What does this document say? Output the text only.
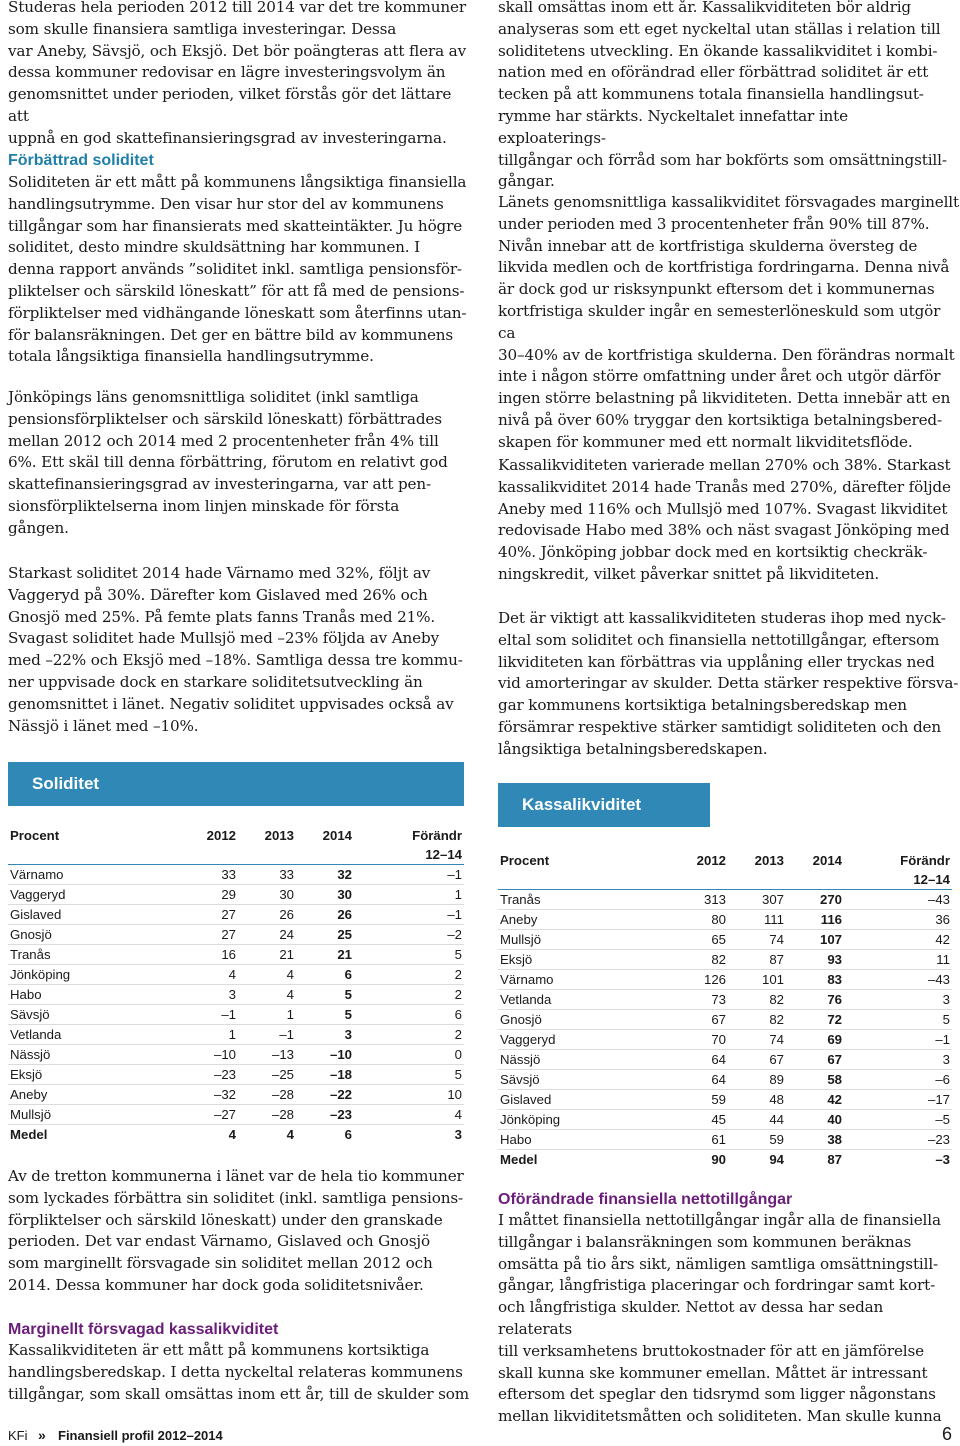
Studeras hela perioden 2012 till 2014 var det tre kommuner
som skulle finansiera samtliga investeringar. Dessa
var Aneby, Sävsjö, och Eksjö. Det bör poängteras att flera av
dessa kommuner redovisar en lägre investeringsvolym än
genomsnittet under perioden, vilket förstås gör det lättare att
uppnå en god skattefinansieringsgrad av investeringarna.

Förbättrad soliditet

Soliditeten är ett mått på kommunens långsiktiga finansiella
handlingsutrymme. Den visar hur stor del av kommunens
tillgångar som har finansierats med skatteintäkter. Ju högre
soliditet, desto mindre skuldsättning har kommunen. I
denna rapport används ”soliditet inkl. samtliga pensionsför-
pliktelser och särskild löneskatt” för att få med de pensions-
förpliktelser med vidhängande löneskatt som återfinns utan-
för balansräkningen. Det ger en bättre bild av kommunens
totala långsiktiga finansiella handlingsutrymme.

Jönköpings läns genomsnittliga soliditet (inkl samtliga
pensionsförpliktelser och särskild löneskatt) förbättrades
mellan 2012 och 2014 med 2 procentenheter från 4% till
6%. Ett skäl till denna förbättring, förutom en relativt god
skattefinansieringsgrad av investeringarna, var att pen-
sionsförpliktelserna inom linjen minskade för första
gången.

Starkast soliditet 2014 hade Värnamo med 32%, följt av
Vaggeryd på 30%. Därefter kom Gislaved med 26% och
Gnosjö med 25%. På femte plats fanns Tranås med 21%.
Svagast soliditet hade Mullsjö med –23% följda av Aneby
med –22% och Eksjö med –18%. Samtliga dessa tre kommu-
ner uppvisade dock en starkare soliditetsutveckling än
genomsnittet i länet. Negativ soliditet uppvisades också av
Nässjö i länet med –10%.

Av de tretton kommunerna i länet var de hela tio kommuner
som lyckades förbättra sin soliditet (inkl. samtliga pensions-
förpliktelser och särskild löneskatt) under den granskade
perioden. Det var endast Värnamo, Gislaved och Gnosjö
som marginellt försvagade sin soliditet mellan 2012 och
2014. Dessa kommuner har dock goda soliditetsnivåer.

Marginellt försvagad kassalikviditet

Kassalikviditeten är ett mått på kommunens kortsiktiga
handlingsberedskap. I detta nyckeltal relateras kommunens
tillgångar, som skall omsättas inom ett år, till de skulder som

skall omsättas inom ett år. Kassalikviditeten bör aldrig
analyseras som ett eget nyckeltal utan ställas i relation till
soliditetens utveckling. En ökande kassalikviditet i kombi-
nation med en oförändrad eller förbättrad soliditet är ett
tecken på att kommunens totala finansiella handlingsut-
rymme har stärkts. Nyckeltalet innefattar inte exploaterings-
tillgångar och förråd som har bokförts som omsättningstill-
gångar.

Länets genomsnittliga kassalikviditet försvagades marginellt
under perioden med 3 procentenheter från 90% till 87%.
Nivån innebar att de kortfristiga skulderna översteg de
likvida medlen och de kortfristiga fordringarna. Denna nivå
är dock god ur risksynpunkt eftersom det i kommunernas
kortfristiga skulder ingår en semesterlöneskuld som utgör ca
30–40% av de kortfristiga skulderna. Den förändras normalt
inte i någon större omfattning under året och utgör därför
ingen större belastning på likviditeten. Detta innebär att en
nivå på över 60% tryggar den kortsiktiga betalningsbered-
skapen för kommuner med ett normalt likviditetsflöde.

Kassalikviditeten varierade mellan 270% och 38%. Starkast
kassalikviditet 2014 hade Tranås med 270%, därefter följde
Aneby med 116% och Mullsjö med 107%. Svagast likviditet
redovisade Habo med 38% och näst svagast Jönköping med
40%. Jönköping jobbar dock med en kortsiktig checkräk-
ningskredit, vilket påverkar snittet på likviditeten.

Det är viktigt att kassalikviditeten studeras ihop med nyck-
eltal som soliditet och finansiella nettotillgångar, eftersom
likviditeten kan förbättras via upplåning eller tryckas ned
vid amorteringar av skulder. Detta stärker respektive försva-
gar kommunens kortsiktiga betalningsberedskap men
försämrar respektive stärker samtidigt soliditeten och den
långsiktiga betalningsberedskapen.

Oförändrade finansiella nettotillgångar

I måttet finansiella nettotillgångar ingår alla de finansiella
tillgångar i balansräkningen som kommunen beräknas
omsätta på tio års sikt, nämligen samtliga omsättningstill-
gångar, långfristiga placeringar och fordringar samt kort-
och långfristiga skulder. Nettot av dessa har sedan relaterats
till verksamhetens bruttokostnader för att en jämförelse
skall kunna ske kommuner emellan. Måttet är intressant
eftersom det speglar den tidsrymd som ligger någonstans
mellan likviditetsmåtten och soliditeten. Man skulle kunna

Soliditet
Procent	2012	2013	2014	Förändr
12–14
Värnamo	33	33	32	–1
Vaggeryd	29	30	30	1
Gislaved	27	26	26	–1
Gnosjö	27	24	25	–2
Tranås	16	21	21	5
Jönköping	4	4	6	2
Habo	3	4	5	2
Sävsjö	–1	1	5	6
Vetlanda	1	–1	3	2
Nässjö	–10	–13	–10	0
Eksjö	–23	–25	–18	5
Aneby	–32	–28	–22	10
Mullsjö	–27	–28	–23	4
Medel	4	4	6	3
Kassalikviditet
Procent	2012	2013	2014	Förändr
12–14
Tranås	313	307	270	–43
Aneby	80	111	116	36
Mullsjö	65	74	107	42
Eksjö	82	87	93	11
Värnamo	126	101	83	–43
Vetlanda	73	82	76	3
Gnosjö	67	82	72	5
Vaggeryd	70	74	69	–1
Nässjö	64	67	67	3
Sävsjö	64	89	58	–6
Gislaved	59	48	42	–17
Jönköping	45	44	40	–5
Habo	61	59	38	–23
Medel	90	94	87	–3
KFi » Finansiell profil 2012–2014	6
